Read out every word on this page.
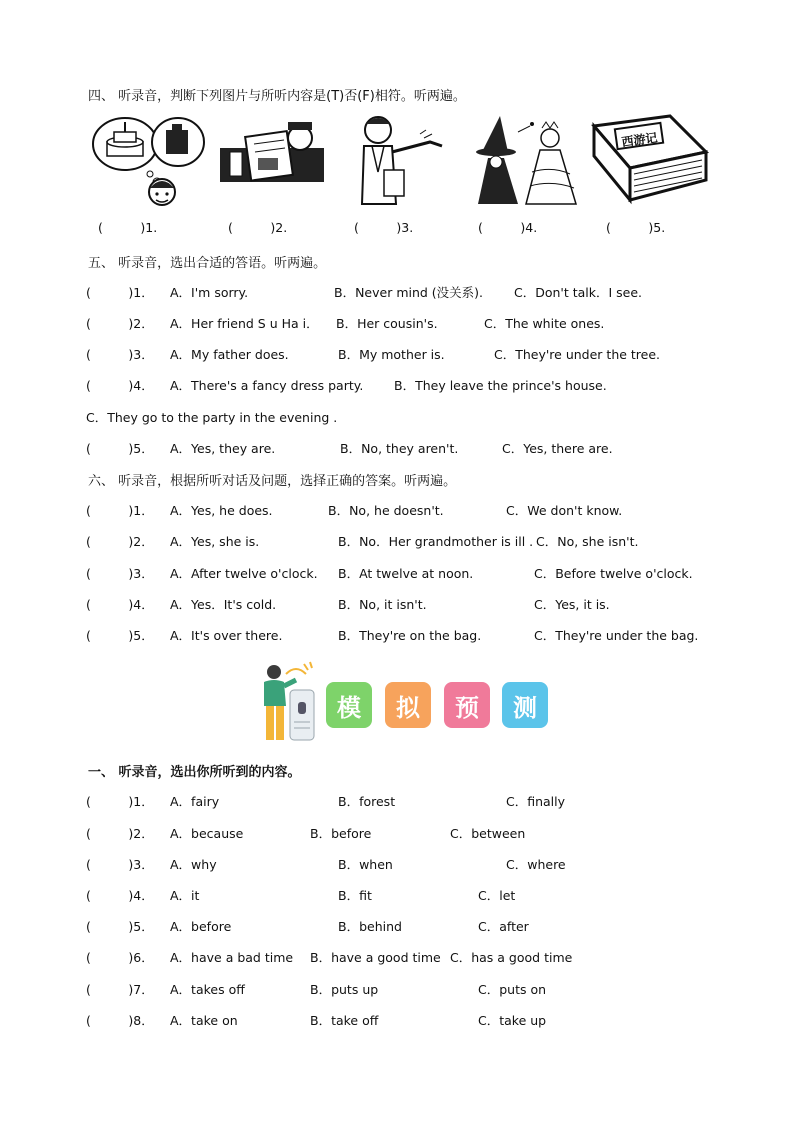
四、 听录音，判断下列图片与所听内容是(T)否(F)相符。听两遍。
西游记
(　　　)1.	(　　　)2.	(　　　)3.	(　　　)4.	(　　　)5.
五、 听录音，选出合适的答语。听两遍。
(　　　)1． A．I'm sorry.	B．Never mind (没关系). C．Don't talk．I see.
(　　　)2． A．Her friend S u Ha i． B．Her cousin's.	C．The white ones.
(　　　)3． A．My father does.	B．My mother is.	C．They're under the tree.
(　　　)4． A．There's a fancy dress party. B．They leave the prince's house.
C．They go to the party in the evening .
(　　　)5． A．Yes, they are.	B．No, they aren't.	C．Yes, there are.
六、 听录音，根据所听对话及问题，选择正确的答案。听两遍。
(　　　)1． A．Yes, he does.	B．No, he doesn't.	C．We don't know.
(　　　)2． A．Yes, she is.	B．No．Her grandmother is ill . C．No, she isn't.
(　　　)3． A．After twelve o'clock. B．At twelve at noon.	C．Before twelve o'clock.
(　　　)4． A．Yes．It's cold.	B．No, it isn't.	C．Yes, it is.
(　　　)5． A．It's over there.	B．They're on the bag.	C．They're under the bag.
模 拟 预 测
一、 听录音，选出你所听到的内容。
(　　　)1． A．fairy	B．forest	C．finally
(　　　)2． A．because	B．before	C．between
(　　　)3． A．why	B．when	C．where
(　　　)4． A．it	B．fit	C．let
(　　　)5． A．before	B．behind	C．after
(　　　)6． A．have a bad time B．have a good time C．has a good time
(　　　)7． A．takes off	B．puts up	C．puts on
(　　　)8． A．take on	B．take off	C．take up
